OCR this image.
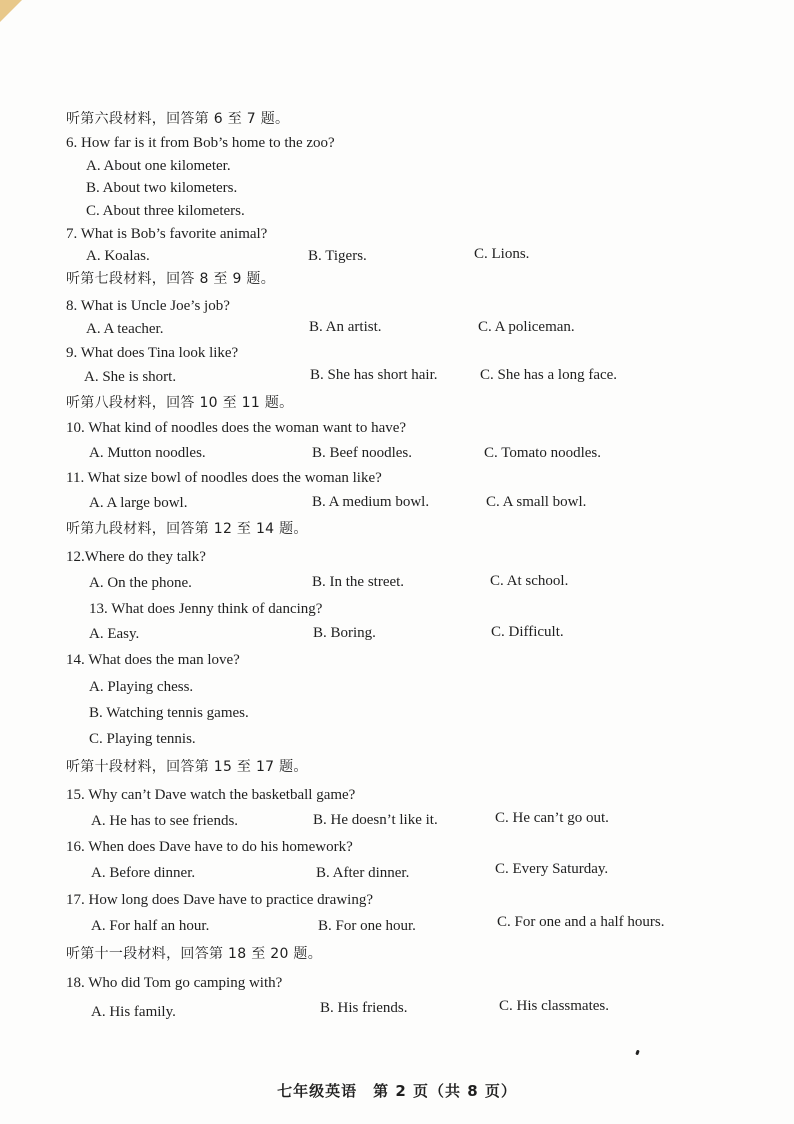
听第六段材料，回答第 6 至 7 题。
6. How far is it from Bob’s home to the zoo?
A. About one kilometer.
B. About two kilometers.
C. About three kilometers.
7. What is Bob’s favorite animal?
A. Koalas.	B. Tigers.	C. Lions.
听第七段材料，回答 8 至 9 题。
8. What is Uncle Joe’s job?
A. A teacher.	B. An artist.	C. A policeman.
9. What does Tina look like?
A. She is short.	B. She has short hair.	C. She has a long face.
听第八段材料，回答 10 至 11 题。
10. What kind of noodles does the woman want to have?
A. Mutton noodles.	B. Beef noodles.	C. Tomato noodles.
11. What size bowl of noodles does the woman like?
A. A large bowl.	B. A medium bowl.	C. A small bowl.
听第九段材料，回答第 12 至 14 题。
12.Where do they talk?
A. On the phone.	B. In the street.	C. At school.
13. What does Jenny think of dancing?
A. Easy.	B. Boring.	C. Difficult.
14. What does the man love?
A. Playing chess.
B. Watching tennis games.
C. Playing tennis.
听第十段材料，回答第 15 至 17 题。
15. Why can’t Dave watch the basketball game?
A. He has to see friends.	B. He doesn’t like it.	C. He can’t go out.
16. When does Dave have to do his homework?
A. Before dinner.	B. After dinner.	C. Every Saturday.
17. How long does Dave have to practice drawing?
A. For half an hour.	B. For one hour.	C. For one and a half hours.
听第十一段材料，回答第 18 至 20 题。
18. Who did Tom go camping with?
A. His family.	B. His friends.	C. His classmates.
七年级英语　第 2 页（共 8 页）
